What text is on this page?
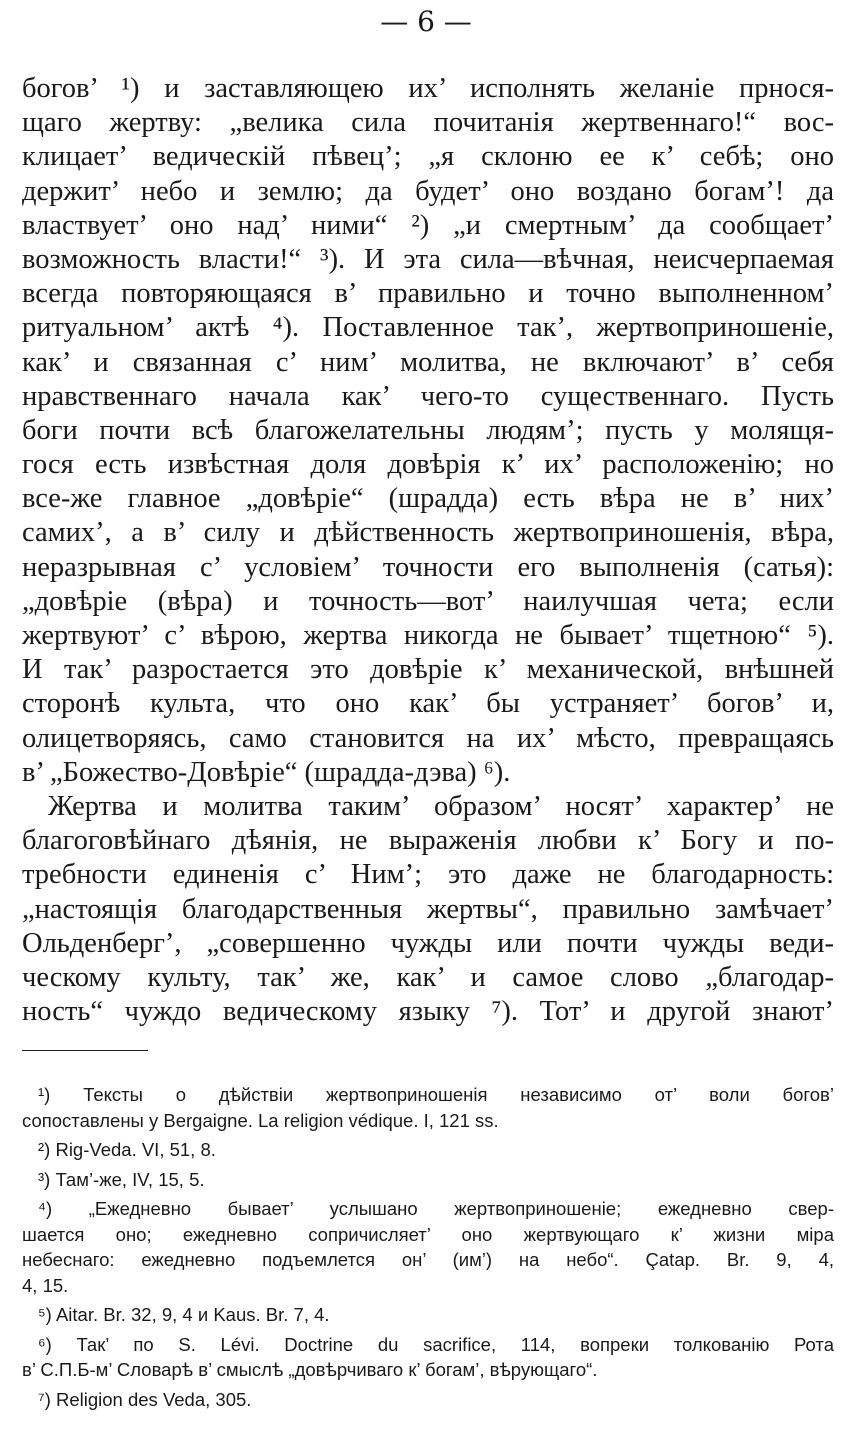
— 6 —
богов’ ¹) и заставляющею их’ исполнять желаніе прнося-
щаго жертву: „велика сила почитанія жертвеннаго!“ вос-
клицает’ ведическій пѣвец’; „я склоню ее к’ себѣ; оно
держит’ небо и землю; да будет’ оно воздано богам’! да
властвует’ оно над’ ними“ ²) „и смертным’ да сообщает’
возможность власти!“ ³). И эта сила—вѣчная, неисчерпаемая
всегда повторяющаяся в’ правильно и точно выполненном’
ритуальном’ актѣ ⁴). Поставленное так’, жертвоприношеніе,
как’ и связанная с’ ним’ молитва, не включают’ в’ себя
нравственнаго начала как’ чего-то существеннаго. Пусть
боги почти всѣ благожелательны людям’; пусть у молящя-
гося есть извѣстная доля довѣрія к’ их’ расположенію; но
все-же главное „довѣріе“ (шрадда) есть вѣра не в’ них’
самих’, а в’ силу и дѣйственность жертвоприношенія, вѣра,
неразрывная с’ условіем’ точности его выполненія (сатья):
„довѣріе (вѣра) и точность—вот’ наилучшая чета; если
жертвуют’ с’ вѣрою, жертва никогда не бывает’ тщетною“ ⁵).
И так’ разростается это довѣріе к’ механической, внѣшней
сторонѣ культа, что оно как’ бы устраняет’ богов’ и,
олицетворяясь, само становится на их’ мѣсто, превращаясь
в’ „Божество-Довѣріе“ (шрадда-дэва) ⁶).
Жертва и молитва таким’ образом’ носят’ характер’ не
благоговѣйнаго дѣянія, не выраженія любви к’ Богу и по-
требности единенія с’ Ним’; это даже не благодарность:
„настоящія благодарственныя жертвы“, правильно замѣчает’
Ольденберг’, „совершенно чужды или почти чужды веди-
ческому культу, так’ же, как’ и самое слово „благодар-
ность“ чуждо ведическому языку ⁷). Тот’ и другой знают’
¹) Тексты о дѣйствіи жертвоприношенія независимо от’ воли богов’
сопоставлены у Bergaigne. La religion védique. I, 121 ss.
²) Rig-Veda. VI, 51, 8.
³) Там’-же, IV, 15, 5.
⁴) „Ежедневно бывает’ услышано жертвоприношеніе; ежедневно свер-
шается оно; ежедневно сопричисляет’ оно жертвующаго к’ жизни міра
небеснаго: ежедневно подъемлется он’ (им’) на небо“. Çatap. Br. 9, 4,
4, 15.
⁵) Aitar. Br. 32, 9, 4 и Kaus. Br. 7, 4.
⁶) Так’ по S. Lévi. Doctrine du sacrifice, 114, вопреки толкованію Рота
в’ С.П.Б-м’ Словарѣ в’ смыслѣ „довѣрчиваго к’ богам’, вѣрующаго“.
⁷) Religion des Veda, 305.
